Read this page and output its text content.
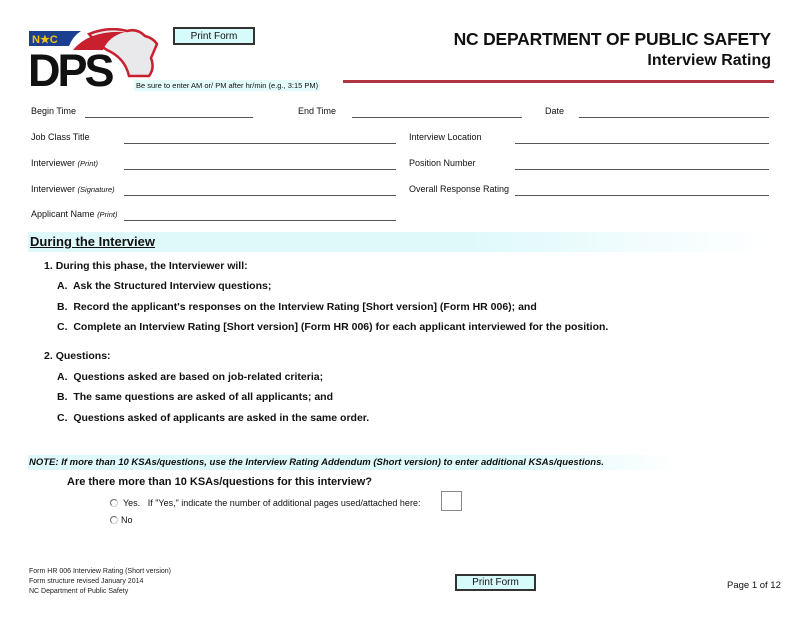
N★C
DPS
Print Form
Be sure to enter AM or/ PM after hr/min (e.g., 3:15 PM)
NC DEPARTMENT OF PUBLIC SAFETY
Interview Rating
Begin Time	End Time	Date
Job Class Title	Interview Location
Interviewer (Print)	Position Number
Interviewer (Signature)	Overall Response Rating
Applicant Name (Print)
During the Interview
1. During this phase, the Interviewer will:
A. Ask the Structured Interview questions;
B. Record the applicant's responses on the Interview Rating [Short version] (Form HR 006); and
C. Complete an Interview Rating [Short version] (Form HR 006) for each applicant interviewed for the position.
2. Questions:
A. Questions asked are based on job-related criteria;
B. The same questions are asked of all applicants; and
C. Questions asked of applicants are asked in the same order.
NOTE: If more than 10 KSAs/questions, use the Interview Rating Addendum (Short version) to enter additional KSAs/questions.
Are there more than 10 KSAs/questions for this interview?
Yes. If "Yes," indicate the number of additional pages used/attached here:
No
Form HR 006 Interview Rating (Short version)
Form structure revised January 2014
NC Department of Public Safety
Print Form	Page 1 of 12
